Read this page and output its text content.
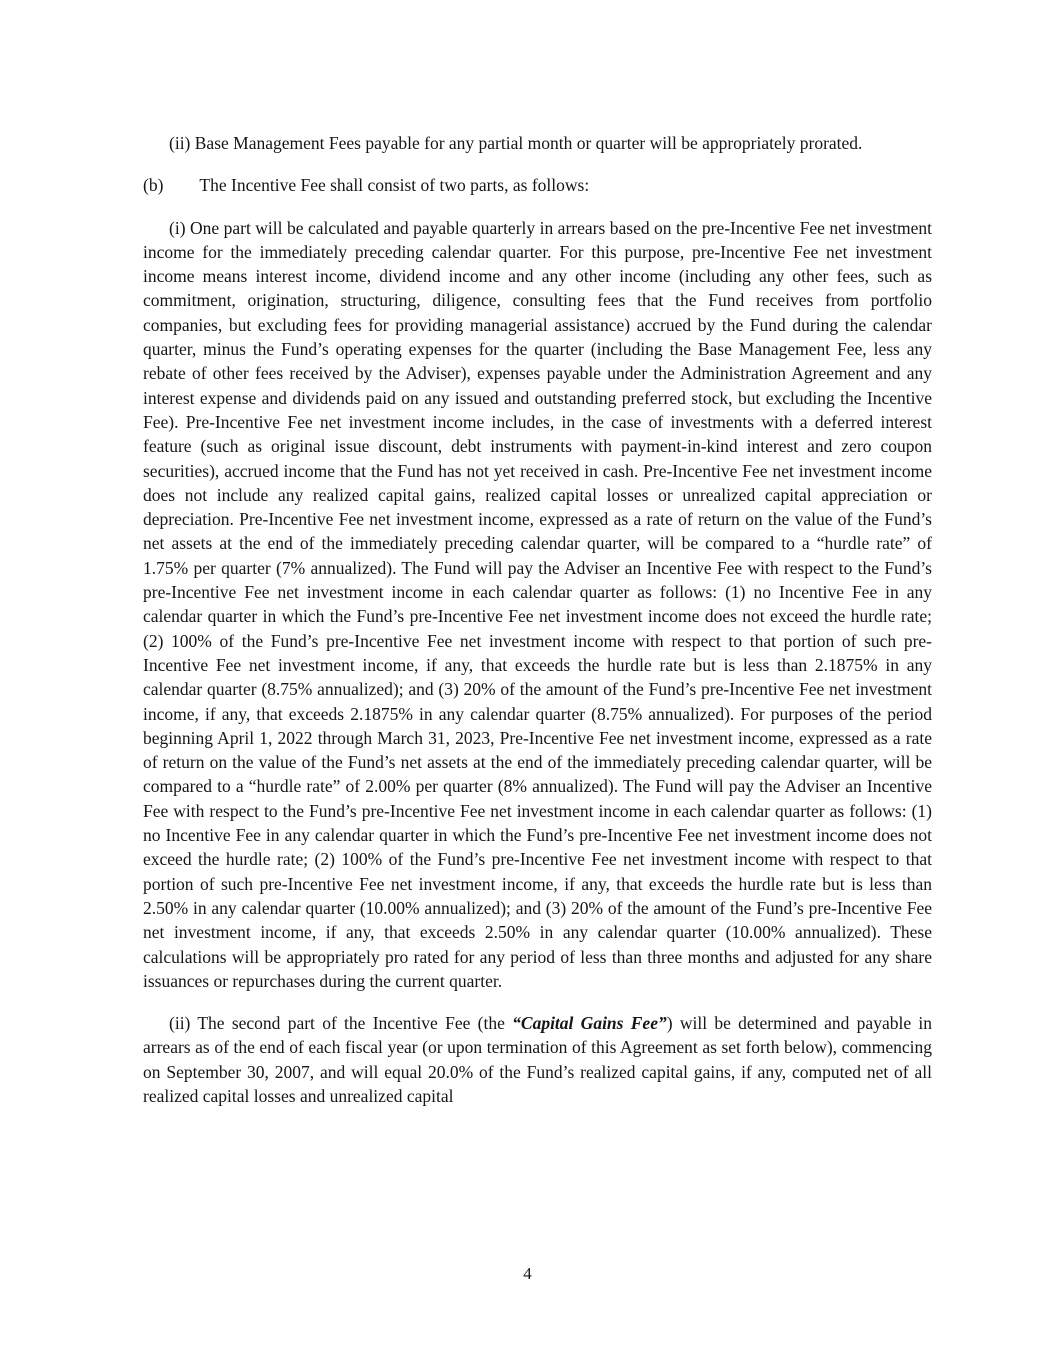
(ii) Base Management Fees payable for any partial month or quarter will be appropriately prorated.

(b) The Incentive Fee shall consist of two parts, as follows:

(i) One part will be calculated and payable quarterly in arrears based on the pre-Incentive Fee net investment income for the immediately preceding calendar quarter. For this purpose, pre-Incentive Fee net investment income means interest income, dividend income and any other income (including any other fees, such as commitment, origination, structuring, diligence, consulting fees that the Fund receives from portfolio companies, but excluding fees for providing managerial assistance) accrued by the Fund during the calendar quarter, minus the Fund’s operating expenses for the quarter (including the Base Management Fee, less any rebate of other fees received by the Adviser), expenses payable under the Administration Agreement and any interest expense and dividends paid on any issued and outstanding preferred stock, but excluding the Incentive Fee). Pre-Incentive Fee net investment income includes, in the case of investments with a deferred interest feature (such as original issue discount, debt instruments with payment-in-kind interest and zero coupon securities), accrued income that the Fund has not yet received in cash. Pre-Incentive Fee net investment income does not include any realized capital gains, realized capital losses or unrealized capital appreciation or depreciation. Pre-Incentive Fee net investment income, expressed as a rate of return on the value of the Fund’s net assets at the end of the immediately preceding calendar quarter, will be compared to a “hurdle rate” of 1.75% per quarter (7% annualized). The Fund will pay the Adviser an Incentive Fee with respect to the Fund’s pre-Incentive Fee net investment income in each calendar quarter as follows: (1) no Incentive Fee in any calendar quarter in which the Fund’s pre-Incentive Fee net investment income does not exceed the hurdle rate; (2) 100% of the Fund’s pre-Incentive Fee net investment income with respect to that portion of such pre-Incentive Fee net investment income, if any, that exceeds the hurdle rate but is less than 2.1875% in any calendar quarter (8.75% annualized); and (3) 20% of the amount of the Fund’s pre-Incentive Fee net investment income, if any, that exceeds 2.1875% in any calendar quarter (8.75% annualized). For purposes of the period beginning April 1, 2022 through March 31, 2023, Pre-Incentive Fee net investment income, expressed as a rate of return on the value of the Fund’s net assets at the end of the immediately preceding calendar quarter, will be compared to a “hurdle rate” of 2.00% per quarter (8% annualized). The Fund will pay the Adviser an Incentive Fee with respect to the Fund’s pre-Incentive Fee net investment income in each calendar quarter as follows: (1) no Incentive Fee in any calendar quarter in which the Fund’s pre-Incentive Fee net investment income does not exceed the hurdle rate; (2) 100% of the Fund’s pre-Incentive Fee net investment income with respect to that portion of such pre-Incentive Fee net investment income, if any, that exceeds the hurdle rate but is less than 2.50% in any calendar quarter (10.00% annualized); and (3) 20% of the amount of the Fund’s pre-Incentive Fee net investment income, if any, that exceeds 2.50% in any calendar quarter (10.00% annualized). These calculations will be appropriately pro rated for any period of less than three months and adjusted for any share issuances or repurchases during the current quarter.

(ii) The second part of the Incentive Fee (the “Capital Gains Fee”) will be determined and payable in arrears as of the end of each fiscal year (or upon termination of this Agreement as set forth below), commencing on September 30, 2007, and will equal 20.0% of the Fund’s realized capital gains, if any, computed net of all realized capital losses and unrealized capital

4
